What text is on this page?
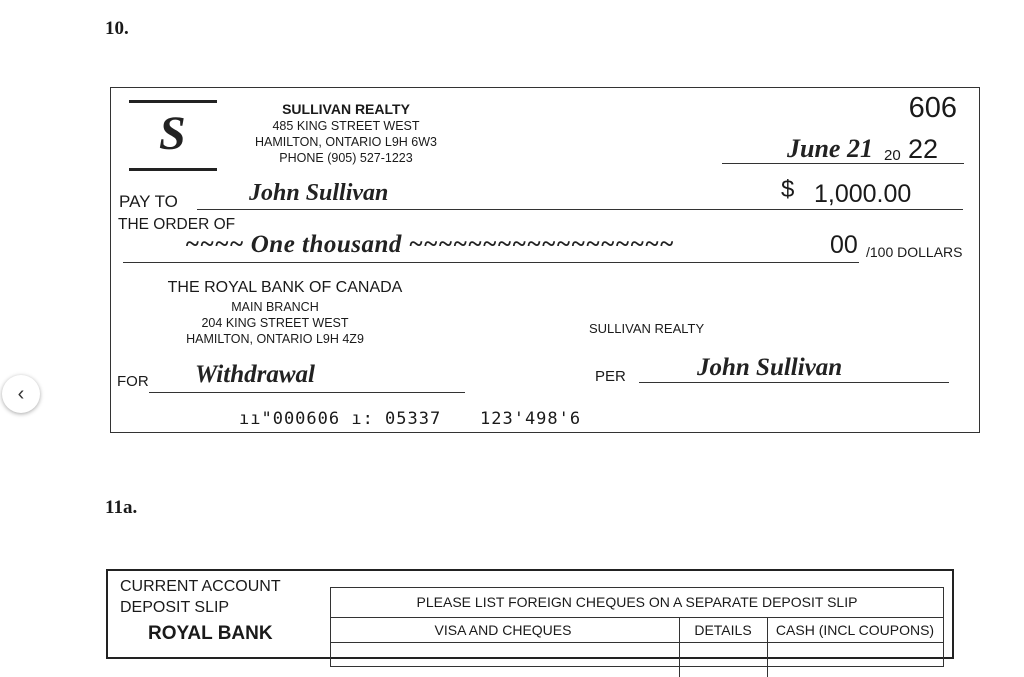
10.
S	SULLIVAN REALTY
485 KING STREET WEST
HAMILTON, ONTARIO L9H 6W3
PHONE (905) 527-1223
606
June 21 20 22
PAY TO	John Sullivan	$ 1,000.00
THE ORDER OF
~~~~ One thousand ~~~~~~~~~~~~~~~~~~	00 /100 DOLLARS
THE ROYAL BANK OF CANADA
MAIN BRANCH
204 KING STREET WEST
HAMILTON, ONTARIO L9H 4Z9
SULLIVAN REALTY
FOR Withdrawal	PER	John Sullivan
ıı"000606 ı: 05337 123'498'6
‹
11a.
CURRENT ACCOUNT
DEPOSIT SLIP
ROYAL BANK
PLEASE LIST FOREIGN CHEQUES ON A SEPARATE DEPOSIT SLIP
VISA AND CHEQUES	DETAILS	CASH (INCL COUPONS)
